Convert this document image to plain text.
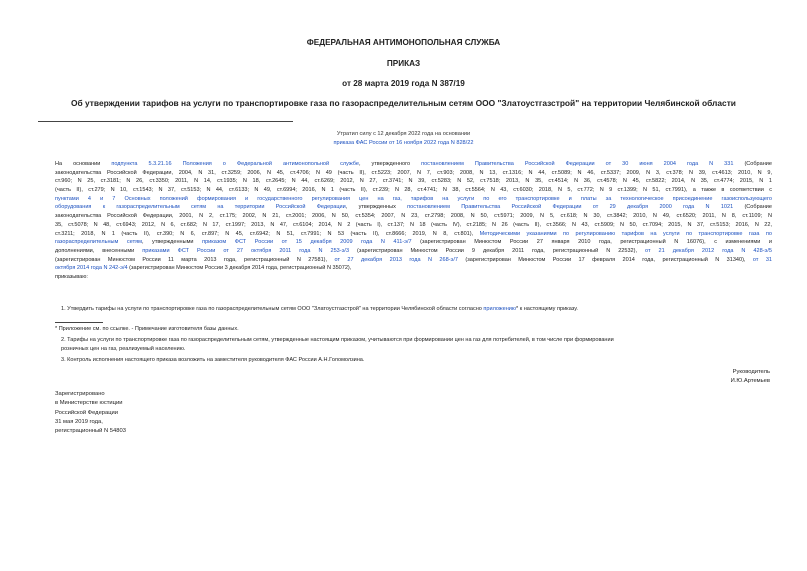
ФЕДЕРАЛЬНАЯ АНТИМОНОПОЛЬНАЯ СЛУЖБА
ПРИКАЗ
от 28 марта 2019 года N 387/19
Об утверждении тарифов на услуги по транспортировке газа по газораспределительным сетям ООО "Златоустгазстрой" на территории Челябинской области
Утратил силу с 12 декабря 2022 года на основании
приказа ФАС России от 16 ноября 2022 года N 828/22
На основании подпункта 5.3.21.16 Положения о Федеральной антимонопольной службе, утвержденного постановлением Правительства Российской Федерации от 30 июня 2004 года N 331 (Собрание
законодательства Российской Федерации, 2004, N 31, ст.3259; 2006, N 45, ст.4706; N 49 (часть II), ст.5223; 2007, N 7, ст.903; 2008, N 13, ст.1316; N 44, ст.5089; N 46, ст.5337; 2009, N 3, ст.378; N 39, ст.4613; 2010, N 9,
ст.960; N 25, ст.3181; N 26, ст.3350; 2011, N 14, ст.1935; N 18, ст.2645; N 44, ст.6269; 2012, N 27, ст.3741; N 39, ст.5283; N 52, ст.7518; 2013, N 35, ст.4514; N 36, ст.4578; N 45, ст.5822; 2014, N 35, ст.4774; 2015, N 1
(часть II), ст.279; N 10, ст.1543; N 37, ст.5153; N 44, ст.6133; N 49, ст.6994; 2016, N 1 (часть II), ст.239; N 28, ст.4741; N 38, ст.5564; N 43, ст.6030; 2018, N 5, ст.772; N 9 ст.1399; N 51, ст.7991), а также в соответствии с
пунктами 4 и 7 Основных положений формирования и государственного регулирования цен на газ, тарифов на услуги по его транспортировке и платы за технологическое присоединение газоиспользующего
оборудования к газораспределительным сетям на территории Российской Федерации, утвержденных постановлением Правительства Российской Федерации от 29 декабря 2000 года N 1021 (Собрание
законодательства Российской Федерации, 2001, N 2, ст.175; 2002, N 21, ст.2001; 2006, N 50, ст.5354; 2007, N 23, ст.2798; 2008, N 50, ст.5971; 2009, N 5, ст.618; N 30, ст.3842; 2010, N 49, ст.6520; 2011, N 8, ст.1109; N
35, ст.5078; N 48, ст.6943; 2012, N 6, ст.682; N 17, ст.1997; 2013, N 47, ст.6104; 2014, N 2 (часть I), ст.137; N 18 (часть IV), ст.2185; N 26 (часть II), ст.3566; N 43, ст.5909; N 50, ст.7094; 2015, N 37, ст.5153; 2016, N 22,
ст.3211; 2018, N 1 (часть II), ст.390; N 6, ст.897; N 45, ст.6942; N 51, ст.7991; N 53 (часть II), ст.8666; 2019, N 8, ст.801), Методическими указаниями по регулированию тарифов на услуги по транспортировке газа по
газораспределительным сетям, утвержденными приказом ФСТ России от 15 декабря 2009 года N 411-э/7 (зарегистрирован Минюстом России 27 января 2010 года, регистрационный N 16076), с изменениями и
дополнениями, внесенными приказами ФСТ России от 27 октября 2011 года N 253-э/3 (зарегистрирован Минюстом России 9 декабря 2011 года, регистрационный N 22532), от 21 декабря 2012 года N 428-э/5
(зарегистрирован Минюстом России 11 марта 2013 года, регистрационный N 27581), от 27 декабря 2013 года N 268-э/7 (зарегистрирован Минюстом России 17 февраля 2014 года, регистрационный N 31340), от 31
октября 2014 года N 242-э/4 (зарегистрирован Минюстом России 3 декабря 2014 года, регистрационный N 35072),
приказываю:
1. Утвердить тарифы на услуги по транспортировке газа по газораспределительным сетям ООО "Златоустгазстрой" на территории Челябинской области согласно приложению* к настоящему приказу.
* Приложение см. по ссылке. - Примечание изготовителя базы данных.
2. Тарифы на услуги по транспортировке газа по газораспределительным сетям, утвержденные настоящим приказом, учитываются при формировании цен на газ для потребителей, в том числе при формировании
розничных цен на газ, реализуемый населению.
3. Контроль исполнения настоящего приказа возложить на заместителя руководителя ФАС России А.Н.Голомолзина.
Руководитель
И.Ю.Артемьев
Зарегистрировано
в Министерстве юстиции
Российской Федерации
31 мая 2019 года,
регистрационный N 54803
